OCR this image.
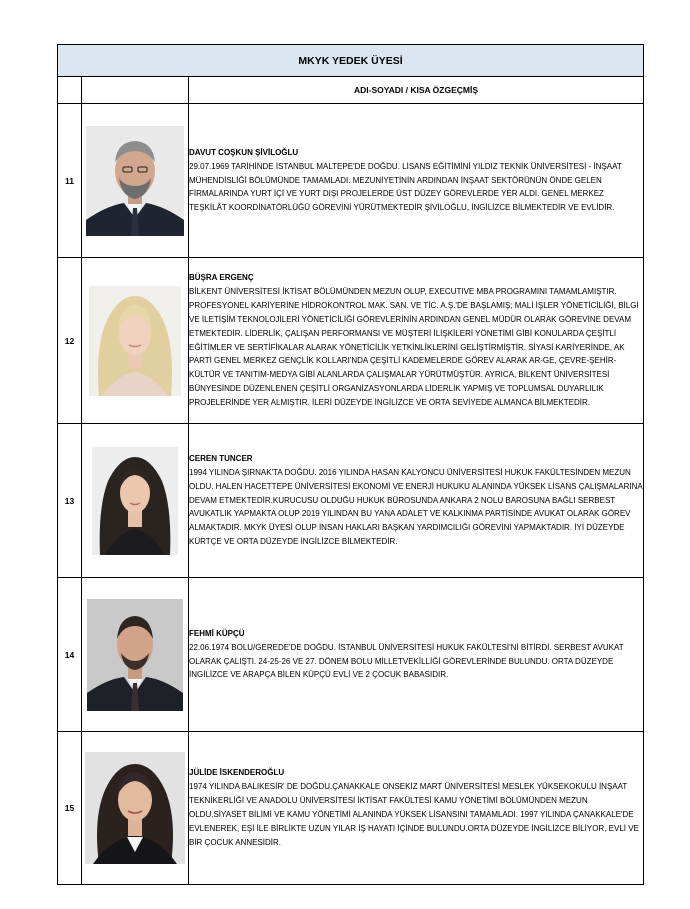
MKYK YEDEK ÜYESİ		
		ADI-SOYADI / KISA ÖZGEÇMİŞ
11		DAVUT COŞKUN ŞİVİLOĞLU
29.07.1969 TARİHİNDE İSTANBUL MALTEPE'DE DOĞDU. LİSANS EĞİTİMİNİ YILDIZ TEKNİK ÜNİVERSİTESİ - İNŞAAT MÜHENDİSLİĞİ BÖLÜMÜNDE TAMAMLADI. MEZUNİYETİNİN ARDINDAN İNŞAAT SEKTÖRÜNÜN ÖNDE GELEN FİRMALARINDA YURT İÇİ VE YURT DIŞI PROJELERDE ÜST DÜZEY GÖREVLERDE YER ALDI. GENEL MERKEZ TEŞKİLÂT KOORDİNATÖRLÜĞÜ GÖREVİNİ YÜRÜTMEKTEDİR ŞİVİLOĞLU, İNGİLİZCE BİLMEKTEDİR VE EVLİDİR.

12		BÜŞRA ERGENÇ
BİLKENT ÜNİVERSİTESİ İKTİSAT BÖLÜMÜNDEN MEZUN OLUP, EXECUTIVE MBA PROGRAMINI TAMAMLAMIŞTIR. PROFESYONEL KARİYERİNE HİDROKONTROL MAK. SAN. VE TİC. A.Ş.'DE BAŞLAMIŞ; MALİ İŞLER YÖNETİCİLİĞİ, BİLGİ VE İLETİŞİM TEKNOLOJİLERİ YÖNETİCİLİĞİ GÖREVLERİNİN ARDINDAN GENEL MÜDÜR OLARAK GÖREVİNE DEVAM ETMEKTEDİR. LİDERLİK, ÇALIŞAN PERFORMANSI VE MÜŞTERİ İLİŞKİLERİ YÖNETİMİ GİBİ KONULARDA ÇEŞİTLİ EĞİTİMLER VE SERTİFİKALAR ALARAK YÖNETİCİLİK YETKİNLİKLERİNİ GELİŞTİRMİŞTİR. SİYASİ KARİYERİNDE, AK PARTİ GENEL MERKEZ GENÇLİK KOLLARI'NDA ÇEŞİTLİ KADEMELERDE GÖREV ALARAK AR-GE, ÇEVRE-ŞEHİR-KÜLTÜR VE TANITIM-MEDYA GİBİ ALANLARDA ÇALIŞMALAR YÜRÜTMÜŞTÜR. AYRICA, BİLKENT ÜNİVERSİTESİ BÜNYESİNDE DÜZENLENEN ÇEŞİTLİ ORGANİZASYONLARDA LİDERLİK YAPMIŞ VE TOPLUMSAL DUYARLILIK PROJELERİNDE YER ALMIŞTIR. İLERİ DÜZEYDE İNGİLİZCE VE ORTA SEVİYEDE ALMANCA BİLMEKTEDİR.

13		CEREN TUNCER
1994 YILINDA ŞIRNAK'TA DOĞDU. 2016 YILINDA HASAN KALYONCU ÜNİVERSİTESİ HUKUK FAKÜLTESİNDEN MEZUN OLDU. HALEN HACETTEPE ÜNİVERSİTESİ EKONOMİ VE ENERJİ HUKUKU ALANINDA YÜKSEK LİSANS ÇALIŞMALARINA DEVAM ETMEKTEDİR.KURUCUSU OLDUĞU HUKUK BÜROSUNDA ANKARA 2 NOLU BAROSUNA BAĞLI SERBEST AVUKATLIK YAPMAKTA OLUP 2019 YILINDAN BU YANA ADALET VE KALKINMA PARTİSİNDE AVUKAT OLARAK GÖREV ALMAKTADIR. MKYK ÜYESİ OLUP İNSAN HAKLARI BAŞKAN YARDIMCILIĞI GÖREVİNİ YAPMAKTADIR. İYİ DÜZEYDE KÜRTÇE VE ORTA DÜZEYDE İNGİLİZCE BİLMEKTEDİR.

14		FEHMİ KÜPÇÜ
22.06.1974 BOLU/GEREDE'DE DOĞDU. İSTANBUL ÜNİVERSİTESİ HUKUK FAKÜLTESİ'Nİ BİTİRDİ. SERBEST AVUKAT OLARAK ÇALIŞTI. 24-25-26 VE 27. DÖNEM BOLU MİLLETVEKİLLİĞİ GÖREVLERİNDE BULUNDU. ORTA DÜZEYDE İNGİLİZCE VE ARAPÇA BİLEN KÜPÇÜ EVLİ VE 2 ÇOCUK BABASIDIR.

15		JÜLİDE İSKENDEROĞLU
1974 YILINDA BALIKESİR' DE DOĞDU.ÇANAKKALE ONSEKİZ MART ÜNİVERSİTESİ MESLEK YÜKSEKOKULU İNŞAAT TEKNİKERLİĞİ VE ANADOLU ÜNİVERSİTESİ İKTİSAT FAKÜLTESİ KAMU YÖNETİMİ BÖLÜMÜNDEN MEZUN OLDU.SİYASET BİLİMİ VE KAMU YÖNETİMİ ALANINDA YÜKSEK LİSANSINI TAMAMLADI. 1997 YILINDA ÇANAKKALE'DE EVLENEREK, EŞİ İLE BİRLİKTE UZUN YILAR İŞ HAYATI İÇİNDE BULUNDU.ORTA DÜZEYDE İNGİLİZCE BİLİYOR, EVLİ VE BİR ÇOCUK ANNESİDİR.
